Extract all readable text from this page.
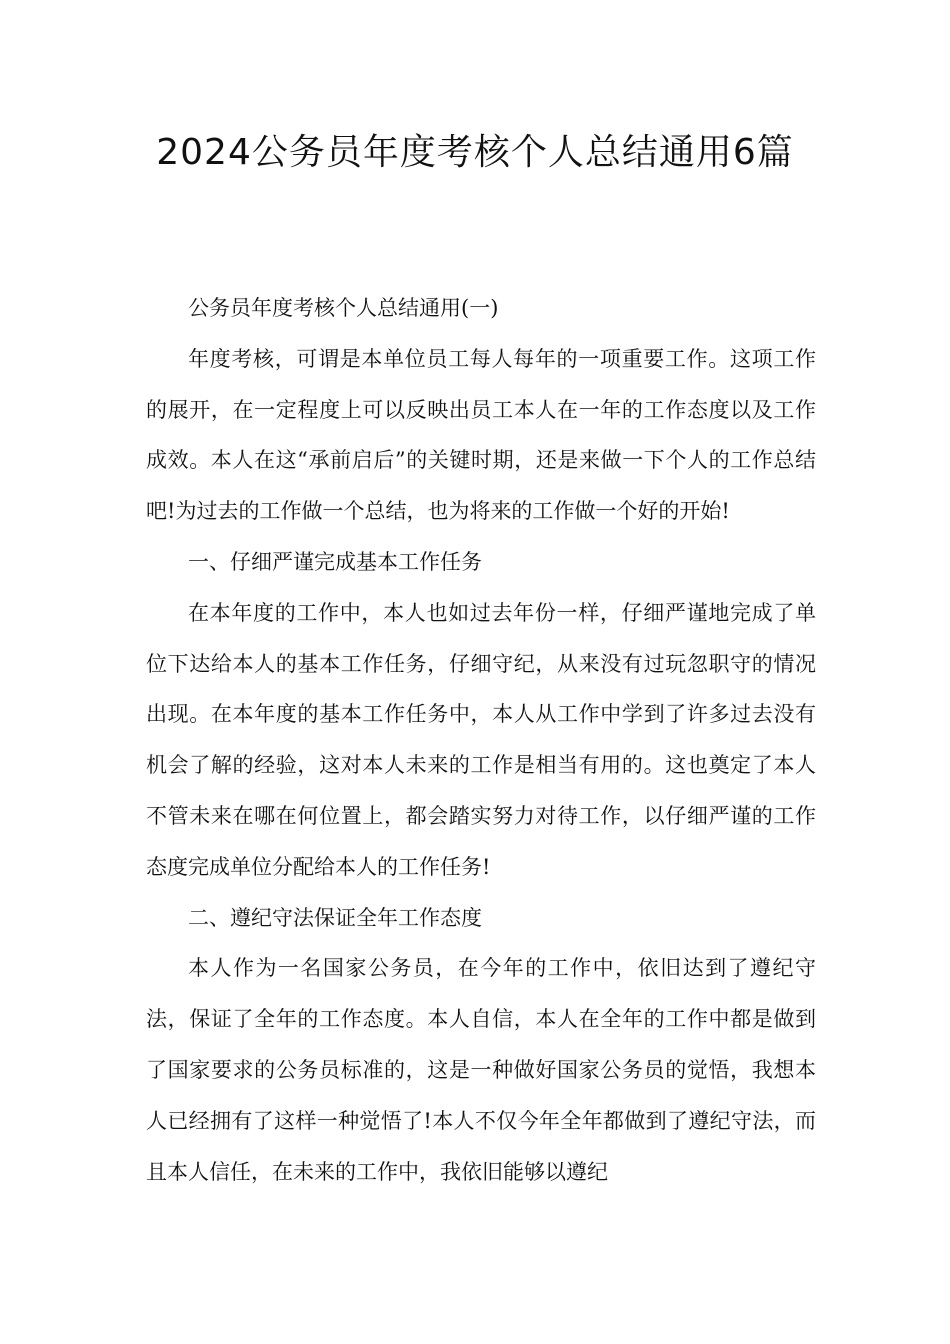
2024公务员年度考核个人总结通用6篇

公务员年度考核个人总结通用(一)

年度考核，可谓是本单位员工每人每年的一项重要工作。这项工作的展开，在一定程度上可以反映出员工本人在一年的工作态度以及工作成效。本人在这“承前启后”的关键时期，还是来做一下个人的工作总结吧!为过去的工作做一个总结，也为将来的工作做一个好的开始!

一、仔细严谨完成基本工作任务

在本年度的工作中，本人也如过去年份一样，仔细严谨地完成了单位下达给本人的基本工作任务，仔细守纪，从来没有过玩忽职守的情况出现。在本年度的基本工作任务中，本人从工作中学到了许多过去没有机会了解的经验，这对本人未来的工作是相当有用的。这也奠定了本人不管未来在哪在何位置上，都会踏实努力对待工作，以仔细严谨的工作态度完成单位分配给本人的工作任务!

二、遵纪守法保证全年工作态度

本人作为一名国家公务员，在今年的工作中，依旧达到了遵纪守法，保证了全年的工作态度。本人自信，本人在全年的工作中都是做到了国家要求的公务员标准的，这是一种做好国家公务员的觉悟，我想本人已经拥有了这样一种觉悟了!本人不仅今年全年都做到了遵纪守法，而且本人信任，在未来的工作中，我依旧能够以遵纪
